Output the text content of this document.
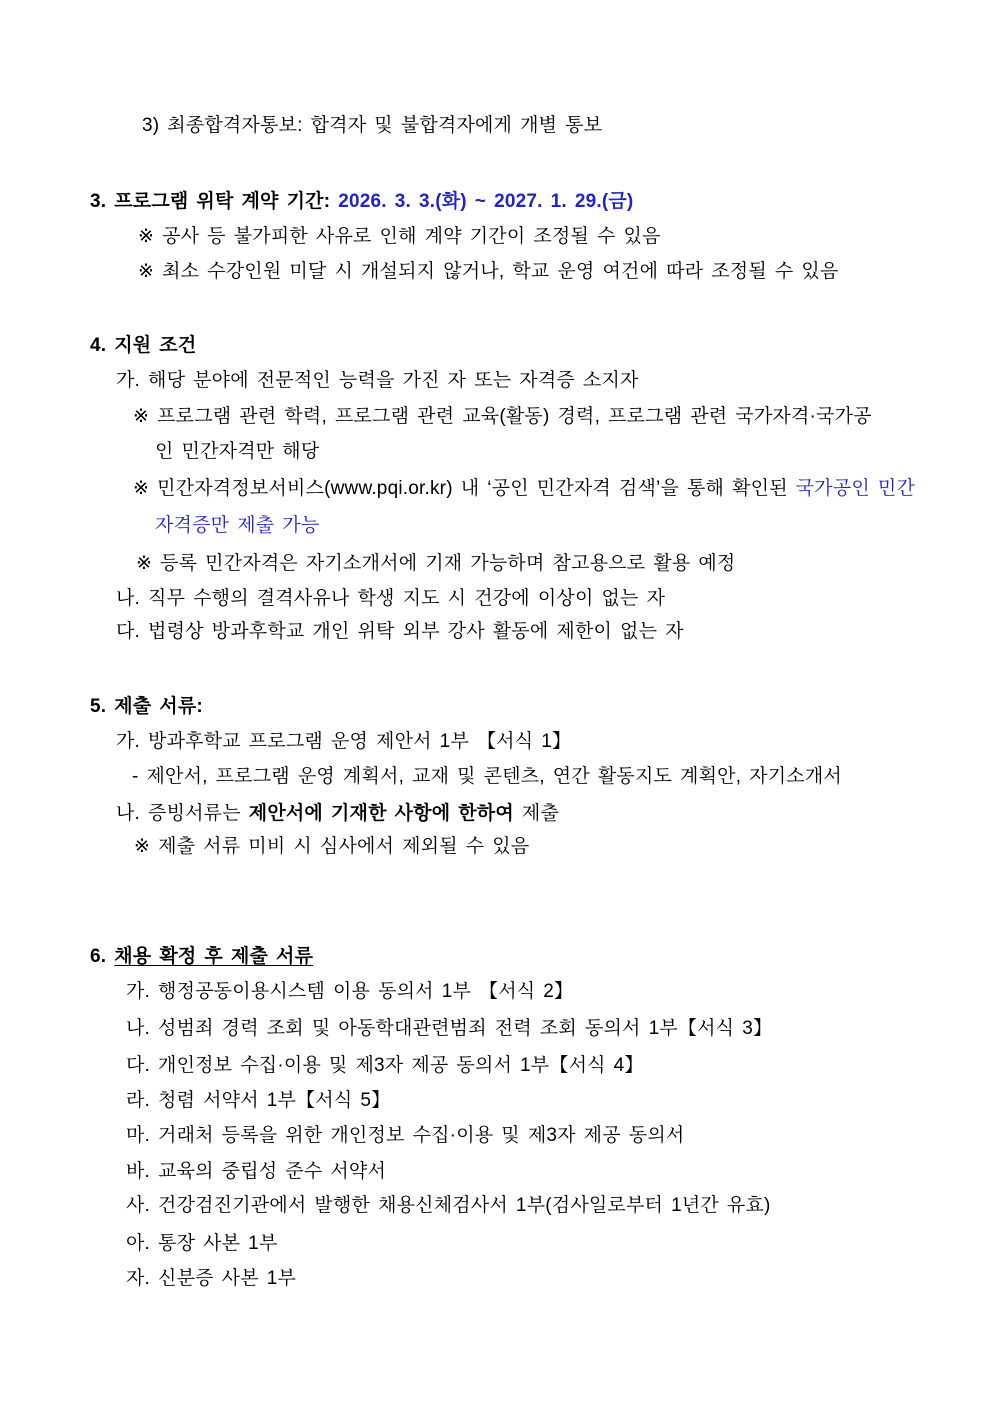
3) 최종합격자통보: 합격자 및 불합격자에게 개별 통보
3. 프로그램 위탁 계약 기간: 2026. 3. 3.(화) ~ 2027. 1. 29.(금)
※ 공사 등 불가피한 사유로 인해 계약 기간이 조정될 수 있음
※ 최소 수강인원 미달 시 개설되지 않거나, 학교 운영 여건에 따라 조정될 수 있음
4. 지원 조건
가. 해당 분야에 전문적인 능력을 가진 자 또는 자격증 소지자
※ 프로그램 관련 학력, 프로그램 관련 교육(활동) 경력, 프로그램 관련 국가자격·국가공
인 민간자격만 해당
※ 민간자격정보서비스(www.pqi.or.kr) 내 ‘공인 민간자격 검색’을 통해 확인된 국가공인 민간
자격증만 제출 가능
※ 등록 민간자격은 자기소개서에 기재 가능하며 참고용으로 활용 예정
나. 직무 수행의 결격사유나 학생 지도 시 건강에 이상이 없는 자
다. 법령상 방과후학교 개인 위탁 외부 강사 활동에 제한이 없는 자
5. 제출 서류:
가. 방과후학교 프로그램 운영 제안서 1부 【서식 1】
- 제안서, 프로그램 운영 계획서, 교재 및 콘텐츠, 연간 활동지도 계획안, 자기소개서
나. 증빙서류는 제안서에 기재한 사항에 한하여 제출
※ 제출 서류 미비 시 심사에서 제외될 수 있음
6. 채용 확정 후 제출 서류
가. 행정공동이용시스템 이용 동의서 1부 【서식 2】
나. 성범죄 경력 조회 및 아동학대관련범죄 전력 조회 동의서 1부【서식 3】
다. 개인정보 수집·이용 및 제3자 제공 동의서 1부【서식 4】
라. 청렴 서약서 1부【서식 5】
마. 거래처 등록을 위한 개인정보 수집·이용 및 제3자 제공 동의서
바. 교육의 중립성 준수 서약서
사. 건강검진기관에서 발행한 채용신체검사서 1부(검사일로부터 1년간 유효)
아. 통장 사본 1부
자. 신분증 사본 1부
